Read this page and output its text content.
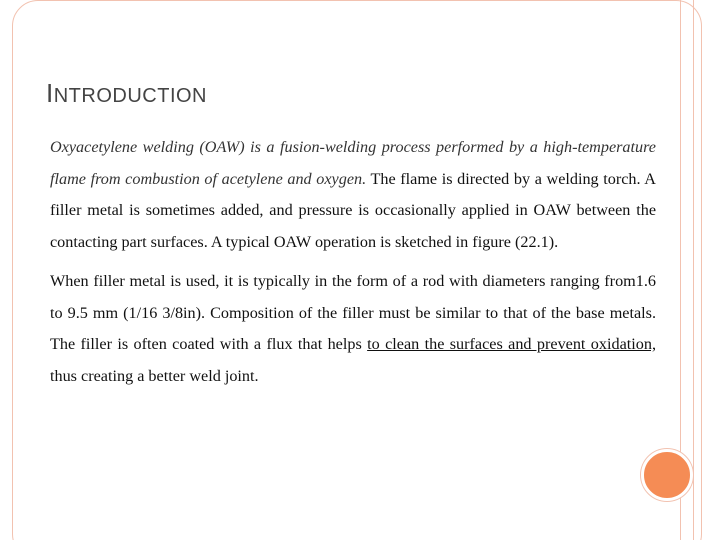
INTRODUCTION

Oxyacetylene welding (OAW) is a fusion-welding process performed by a high-temperature flame from combustion of acetylene and oxygen. The flame is directed by a welding torch. A filler metal is sometimes added, and pressure is occasionally applied in OAW between the contacting part surfaces. A typical OAW operation is sketched in figure (22.1).

When filler metal is used, it is typically in the form of a rod with diameters ranging from1.6 to 9.5 mm (1/16 3/8in). Composition of the filler must be similar to that of the base metals. The filler is often coated with a flux that helps to clean the surfaces and prevent oxidation, thus creating a better weld joint.
